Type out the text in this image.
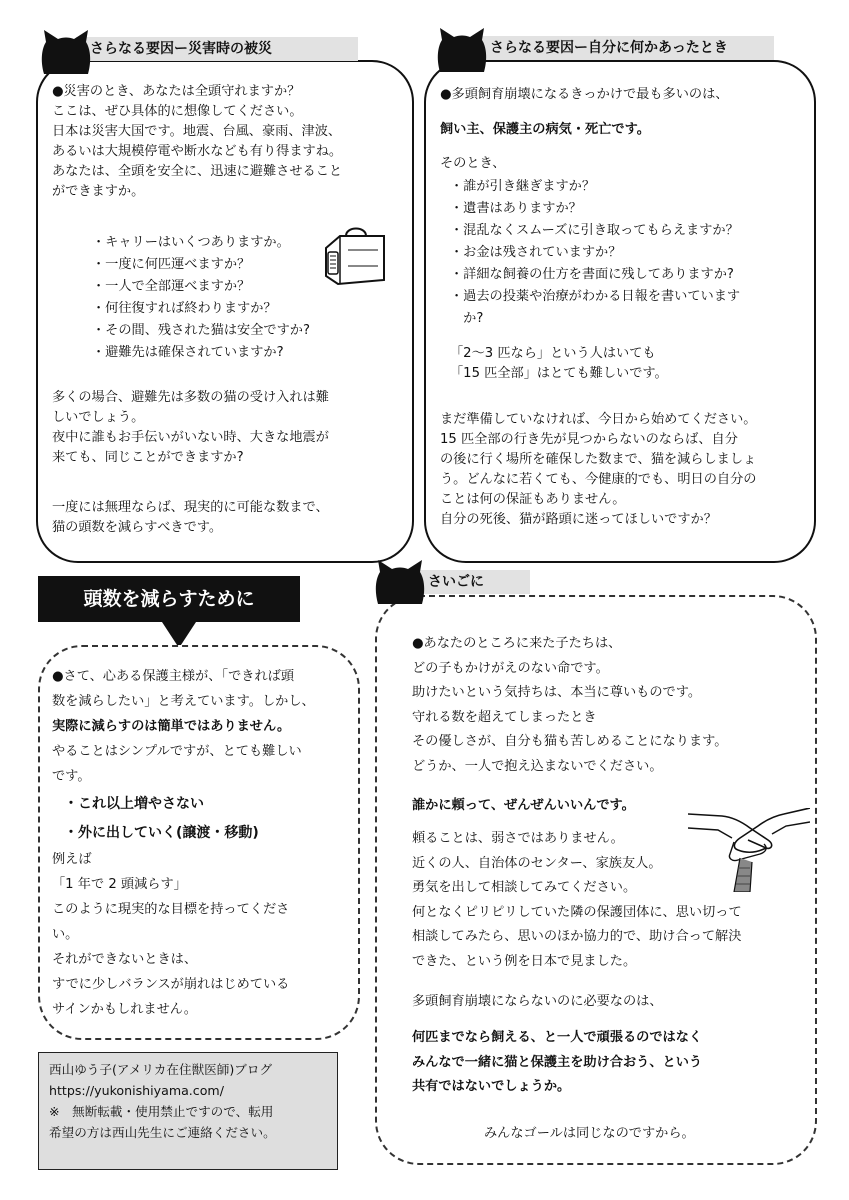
さらなる要因ー災害時の被災
●災害のとき、あなたは全頭守れますか？
ここは、ぜひ具体的に想像してください。
日本は災害大国です。地震、台風、豪雨、津波、
あるいは大規模停電や断水なども有り得ますね。
あなたは、全頭を安全に、迅速に避難させること
ができますか。
・キャリーはいくつありますか。
・一度に何匹運べますか？
・一人で全部運べますか？
・何往復すれば終わりますか？
・その間、残された猫は安全ですか?
・避難先は確保されていますか?
多くの場合、避難先は多数の猫の受け入れは難
しいでしょう。
夜中に誰もお手伝いがいない時、大きな地震が
来ても、同じことができますか?
一度には無理ならば、現実的に可能な数まで、
猫の頭数を減らすべきです。
さらなる要因ー自分に何かあったとき
●多頭飼育崩壊になるきっかけで最も多いのは、
飼い主、保護主の病気・死亡です。
そのとき、
・誰が引き継ぎますか？
・遺書はありますか？
・混乱なくスムーズに引き取ってもらえますか？
・お金は残されていますか？
・詳細な飼養の仕方を書面に残してありますか?
・過去の投薬や治療がわかる日報を書いています
　か?
「2～3 匹なら」という人はいても
「15 匹全部」はとても難しいです。
まだ準備していなければ、今日から始めてください。
15 匹全部の行き先が見つからないのならば、自分
の後に行く場所を確保した数まで、猫を減らしましょ
う。どんなに若くても、今健康的でも、明日の自分の
ことは何の保証もありません。
自分の死後、猫が路頭に迷ってほしいですか？
頭数を減らすために
●さて、心ある保護主様が、「できれば頭
数を減らしたい」と考えています。しかし、
実際に減らすのは簡単ではありません。
やることはシンプルですが、とても難しい
です。
・これ以上増やさない
・外に出していく(譲渡・移動)
例えば
「1 年で 2 頭減らす」
このように現実的な目標を持ってくださ
い。
それができないときは、
すでに少しバランスが崩れはじめている
サインかもしれません。
さいごに
●あなたのところに来た子たちは、
どの子もかけがえのない命です。
助けたいという気持ちは、本当に尊いものです。
守れる数を超えてしまったとき
その優しさが、自分も猫も苦しめることになります。
どうか、一人で抱え込まないでください。
誰かに頼って、ぜんぜんいいんです。
頼ることは、弱さではありません。
近くの人、自治体のセンター、家族友人。
勇気を出して相談してみてください。
何となくピリピリしていた隣の保護団体に、思い切って
相談してみたら、思いのほか協力的で、助け合って解決
できた、という例を日本で見ました。
多頭飼育崩壊にならないのに必要なのは、
何匹までなら飼える、と一人で頑張るのではなく
みんなで一緒に猫と保護主を助け合おう、という
共有ではないでしょうか。
みんなゴールは同じなのですから。
西山ゆう子(アメリカ在住獣医師)ブログ
https://yukonishiyama.com/
※　無断転載・使用禁止ですので、転用
希望の方は西山先生にご連絡ください。
